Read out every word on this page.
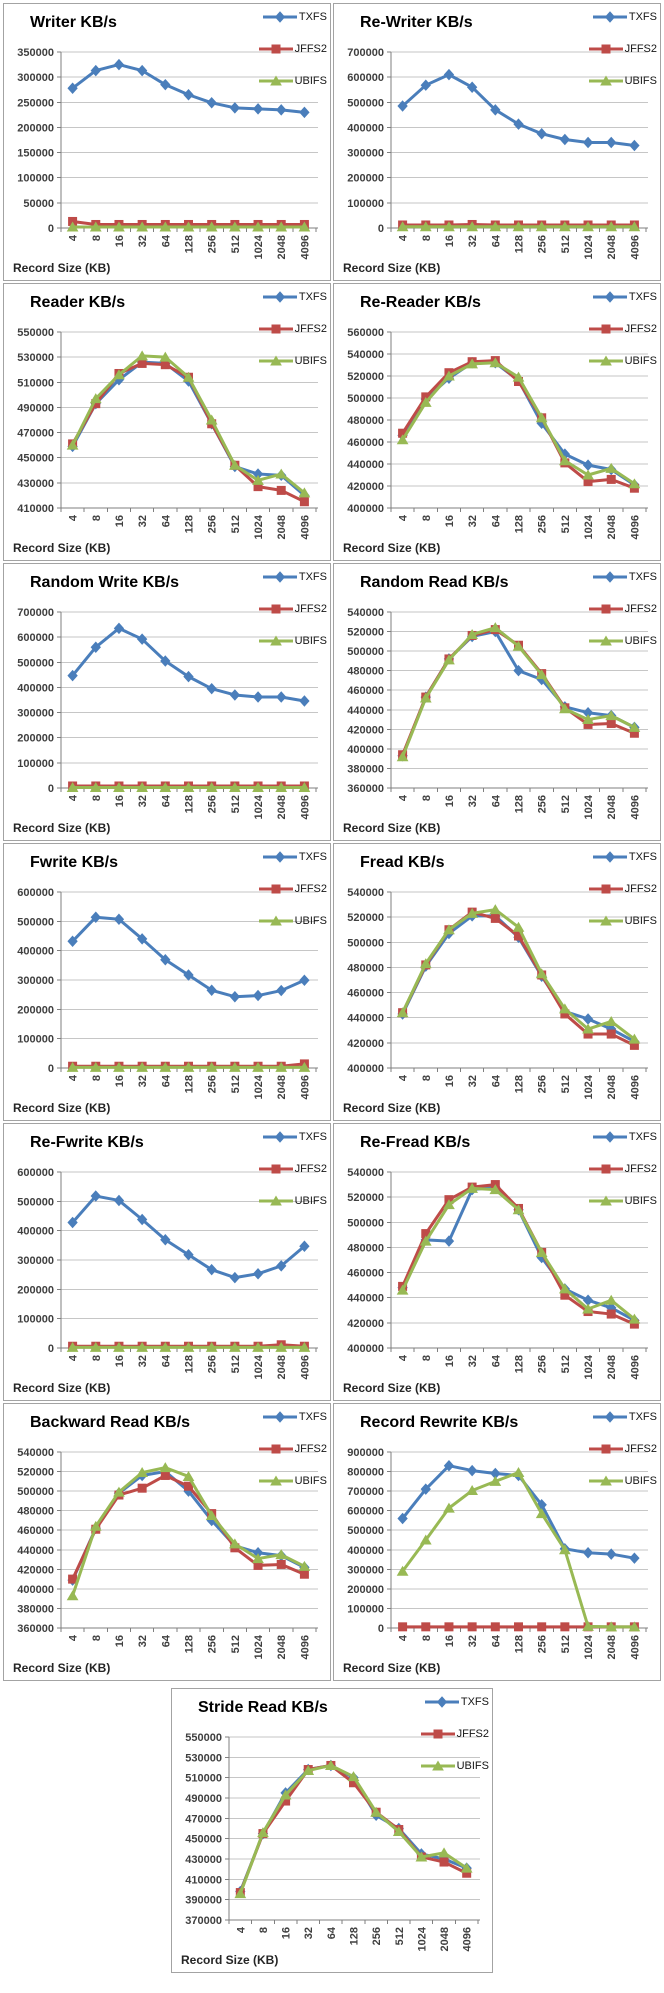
0
50000
100000
150000
200000
250000
300000
350000
4 8 16 32 64 128 256 512 1024 2048 4096
Writer KB/s	TXFS
JFFS2
UBIFS
Record Size (KB)
0
100000
200000
300000
400000
500000
600000
700000
4 8 16 32 64 128 256 512 1024 2048 4096
Re-Writer KB/s	TXFS
JFFS2
UBIFS
Record Size (KB)
410000
430000
450000
470000
490000
510000
530000
550000
4 8 16 32 64 128 256 512 1024 2048 4096
Reader KB/s	TXFS
JFFS2
UBIFS
Record Size (KB)
400000
420000
440000
460000
480000
500000
520000
540000
560000
4 8 16 32 64 128 256 512 1024 2048 4096
Re-Reader KB/s	TXFS
JFFS2
UBIFS
Record Size (KB)
0
100000
200000
300000
400000
500000
600000
700000
4 8 16 32 64 128 256 512 1024 2048 4096
Random Write KB/s	TXFS
JFFS2
UBIFS
Record Size (KB)
360000
380000
400000
420000
440000
460000
480000
500000
520000
540000
4 8 16 32 64 128 256 512 1024 2048 4096
Random Read KB/s	TXFS
JFFS2
UBIFS
Record Size (KB)
0
100000
200000
300000
400000
500000
600000
4 8 16 32 64 128 256 512 1024 2048 4096
Fwrite KB/s	TXFS
JFFS2
UBIFS
Record Size (KB)
400000
420000
440000
460000
480000
500000
520000
540000
4 8 16 32 64 128 256 512 1024 2048 4096
Fread KB/s	TXFS
JFFS2
UBIFS
Record Size (KB)
0
100000
200000
300000
400000
500000
600000
4 8 16 32 64 128 256 512 1024 2048 4096
Re-Fwrite KB/s	TXFS
JFFS2
UBIFS
Record Size (KB)
400000
420000
440000
460000
480000
500000
520000
540000
4 8 16 32 64 128 256 512 1024 2048 4096
Re-Fread KB/s	TXFS
JFFS2
UBIFS
Record Size (KB)
360000
380000
400000
420000
440000
460000
480000
500000
520000
540000
4 8 16 32 64 128 256 512 1024 2048 4096
Backward Read KB/s	TXFS
JFFS2
UBIFS
Record Size (KB)
0
100000
200000
300000
400000
500000
600000
700000
800000
900000
4 8 16 32 64 128 256 512 1024 2048 4096
Record Rewrite KB/s	TXFS
JFFS2
UBIFS
Record Size (KB)
370000
390000
410000
430000
450000
470000
490000
510000
530000
550000
4 8 16 32 64 128 256 512 1024 2048 4096
Stride Read KB/s	TXFS
JFFS2
UBIFS
Record Size (KB)
